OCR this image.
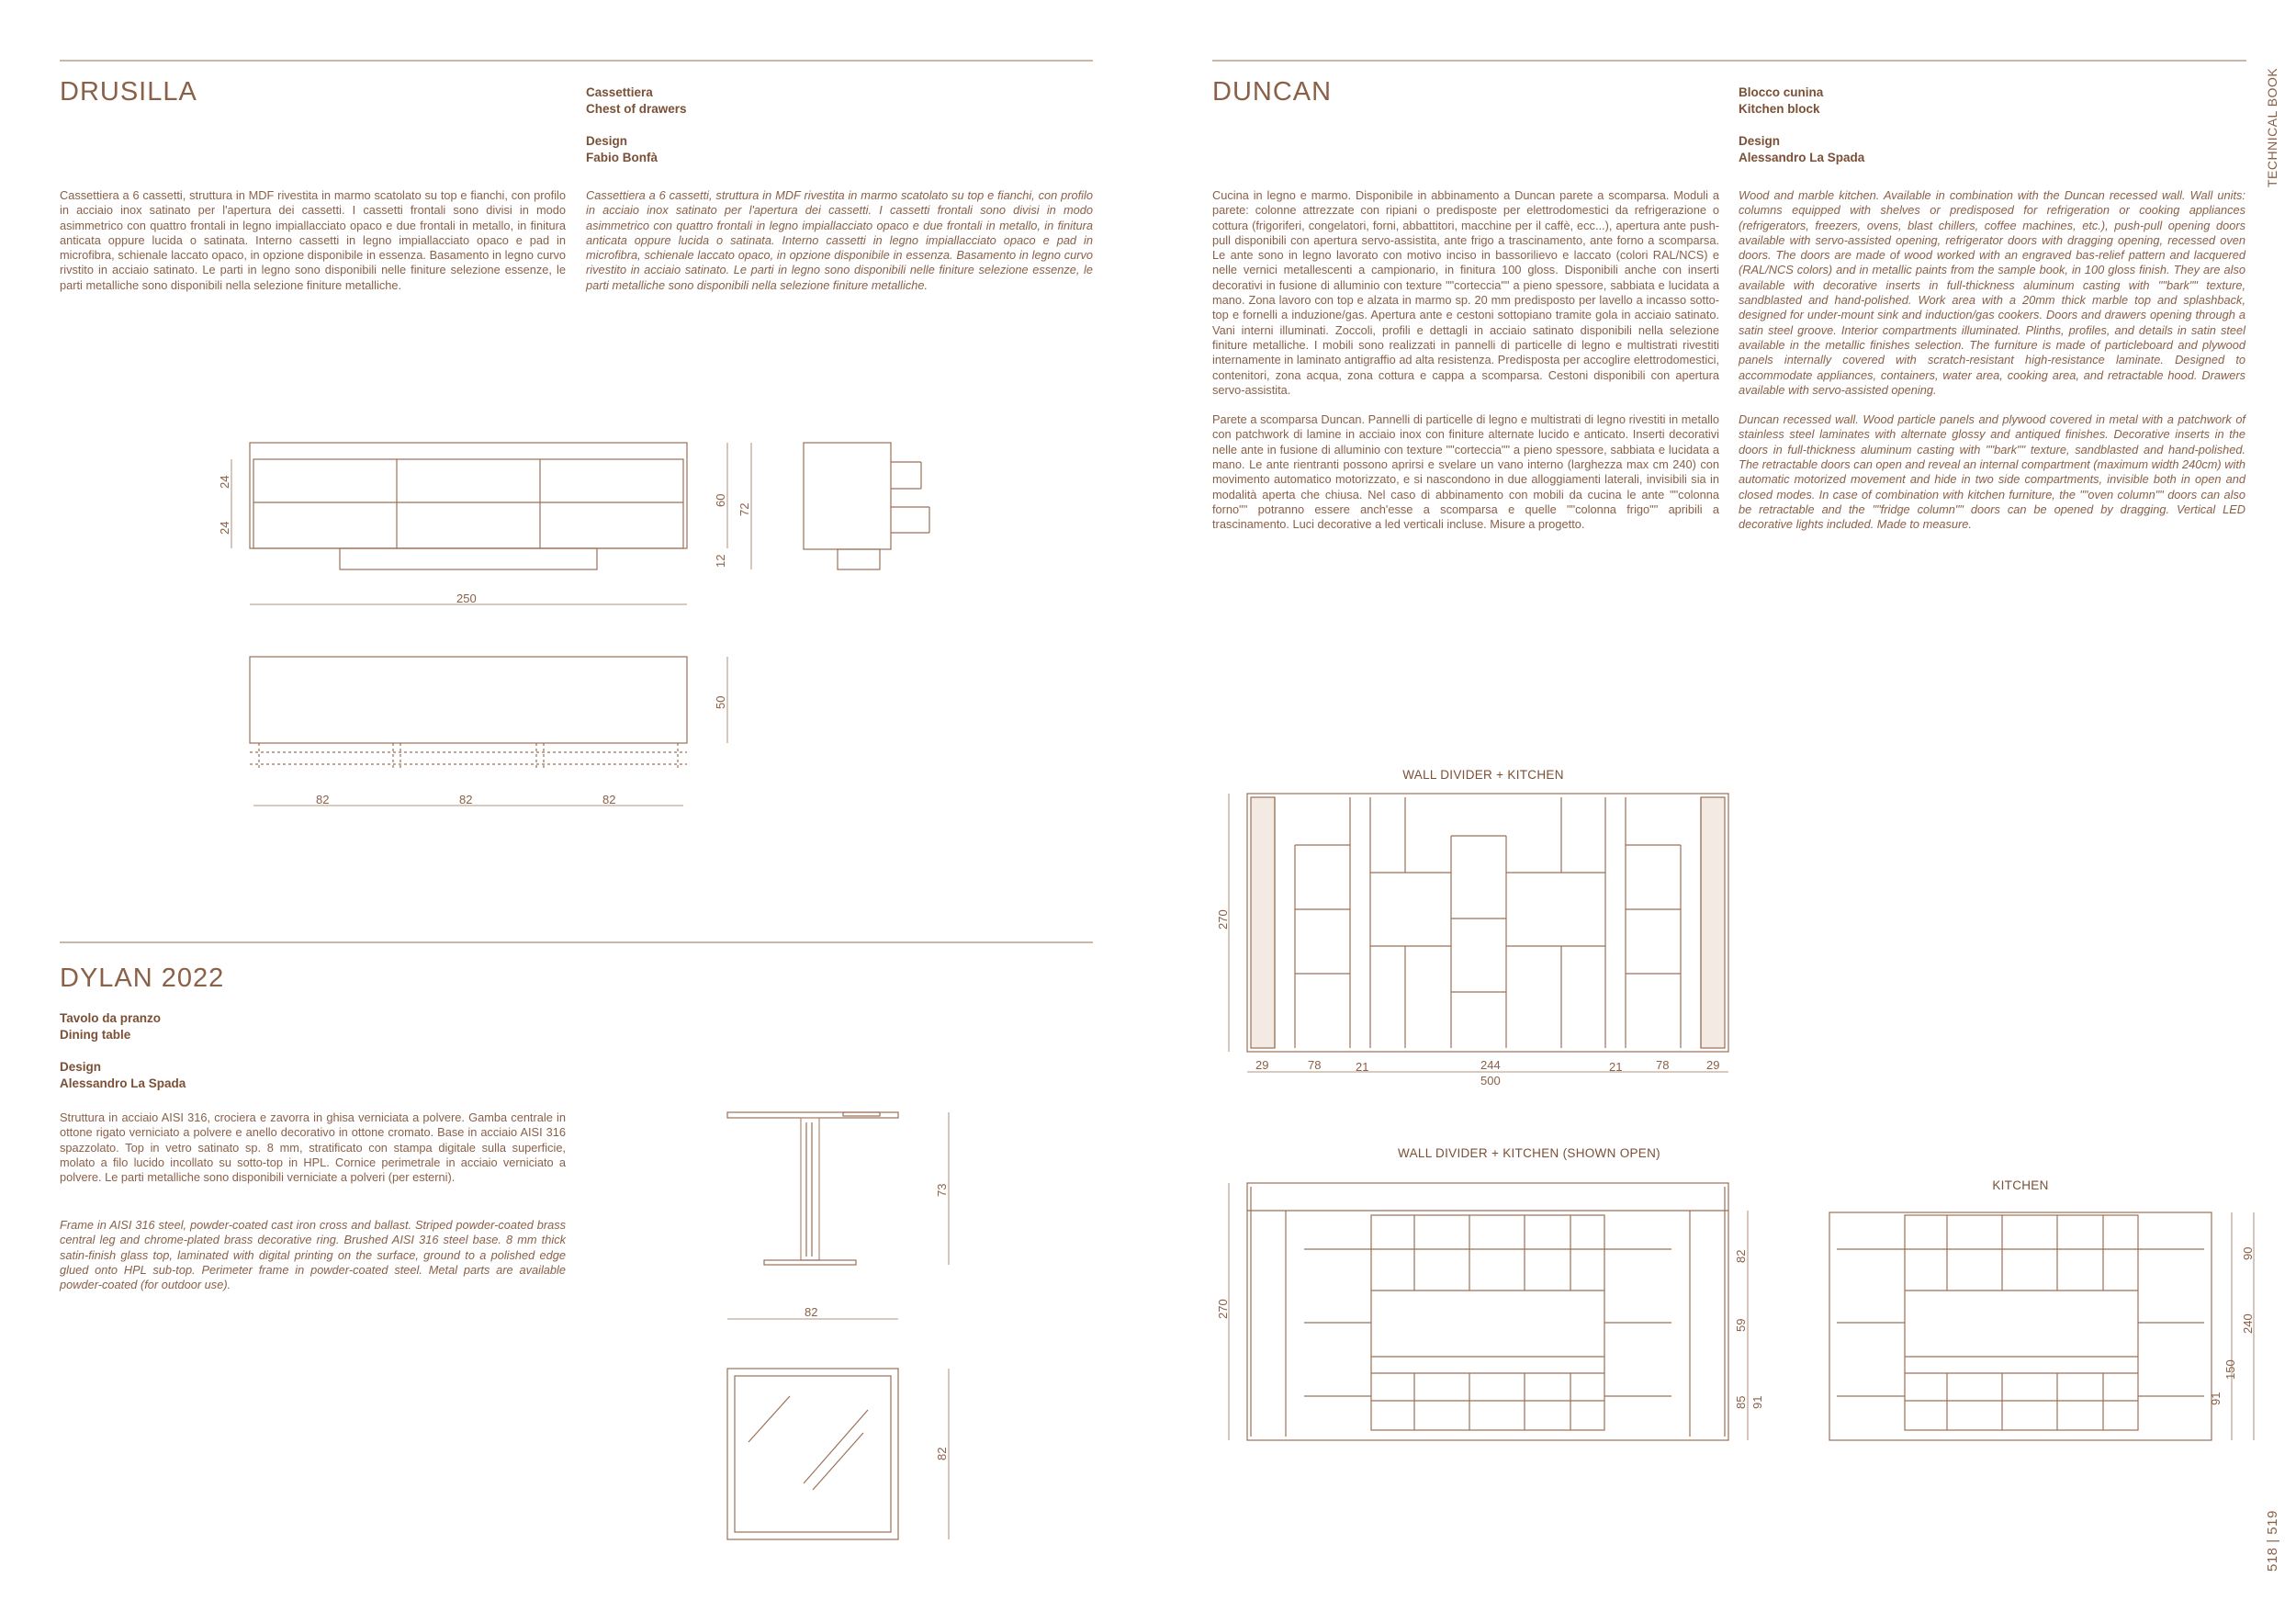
TECHNICAL BOOK
518 | 519
DRUSILLA	Cassettiera
Chest of drawers
Design
Fabio Bonfà
Cassettiera a 6 cassetti, struttura in MDF rivestita in marmo scatolato su top e fianchi, con profilo in acciaio inox satinato per l'apertura dei cassetti. I cassetti frontali sono divisi in modo asimmetrico con quattro frontali in legno impiallacciato opaco e due frontali in metallo, in finitura anticata oppure lucida o satinata. Interno cassetti in legno impiallacciato opaco e pad in microfibra, schienale laccato opaco, in opzione disponibile in essenza. Basamento in legno curvo rivstito in acciaio satinato. Le parti in legno sono disponibili nelle finiture selezione essenze, le parti metalliche sono disponibili nella selezione finiture metalliche.
Cassettiera a 6 cassetti, struttura in MDF rivestita in marmo scatolato su top e fianchi, con profilo in acciaio inox satinato per l'apertura dei cassetti. I cassetti frontali sono divisi in modo asimmetrico con quattro frontali in legno impiallacciato opaco e due frontali in metallo, in finitura anticata oppure lucida o satinata. Interno cassetti in legno impiallacciato opaco e pad in microfibra, schienale laccato opaco, in opzione disponibile in essenza. Basamento in legno curvo rivestito in acciaio satinato. Le parti in legno sono disponibili nelle finiture selezione essenze, le parti metalliche sono disponibili nella selezione finiture metalliche.
DYLAN 2022
Tavolo da pranzo
Dining table
Design
Alessandro La Spada
Struttura in acciaio AISI 316, crociera e zavorra in ghisa verniciata a polvere. Gamba centrale in ottone rigato verniciato a polvere e anello decorativo in ottone cromato. Base in acciaio AISI 316 spazzolato. Top in vetro satinato sp. 8 mm, stratificato con stampa digitale sulla superficie, molato a filo lucido incollato su sotto-top in HPL. Cornice perimetrale in acciaio verniciato a polvere. Le parti metalliche sono disponibili verniciate a polveri (per esterni).
Frame in AISI 316 steel, powder-coated cast iron cross and ballast. Striped powder-coated brass central leg and chrome-plated brass decorative ring. Brushed AISI 316 steel base. 8 mm thick satin-finish glass top, laminated with digital printing on the surface, ground to a polished edge glued onto HPL sub-top. Perimeter frame in powder-coated steel. Metal parts are available powder-coated (for outdoor use).
DUNCAN	Blocco cunina
Kitchen block
Design
Alessandro La Spada

Cucina in legno e marmo. Disponibile in abbinamento a Duncan parete a scomparsa. Moduli a parete: colonne attrezzate con ripiani o predisposte per elettrodomestici da refrigerazione o cottura (frigoriferi, congelatori, forni, abbattitori, macchine per il caffè, ecc...), apertura ante push-pull disponibili con apertura servo-assistita, ante frigo a trascinamento, ante forno a scomparsa. Le ante sono in legno lavorato con motivo inciso in bassorilievo e laccato (colori RAL/NCS) e nelle vernici metallescenti a campionario, in finitura 100 gloss. Disponibili anche con inserti decorativi in fusione di alluminio con texture ""corteccia"" a pieno spessore, sabbiata e lucidata a mano. Zona lavoro con top e alzata in marmo sp. 20 mm predisposto per lavello a incasso sotto-top e fornelli a induzione/gas. Apertura ante e cestoni sottopiano tramite gola in acciaio satinato. Vani interni illuminati. Zoccoli, profili e dettagli in acciaio satinato disponibili nella selezione finiture metalliche. I mobili sono realizzati in pannelli di particelle di legno e multistrati rivestiti internamente in laminato antigraffio ad alta resistenza. Predisposta per accoglire elettrodomestici, contenitori, zona acqua, zona cottura e cappa a scomparsa. Cestoni disponibili con apertura servo-assistita.

Parete a scomparsa Duncan. Pannelli di particelle di legno e multistrati di legno rivestiti in metallo con patchwork di lamine in acciaio inox con finiture alternate lucido e anticato. Inserti decorativi nelle ante in fusione di alluminio con texture ""corteccia"" a pieno spessore, sabbiata e lucidata a mano. Le ante rientranti possono aprirsi e svelare un vano interno (larghezza max cm 240) con movimento automatico motorizzato, e si nascondono in due alloggiamenti laterali, invisibili sia in modalità aperta che chiusa. Nel caso di abbinamento con mobili da cucina le ante ""colonna forno"" potranno essere anch'esse a scomparsa e quelle ""colonna frigo"" apribili a trascinamento. Luci decorative a led verticali incluse. Misure a progetto.

Wood and marble kitchen. Available in combination with the Duncan recessed wall. Wall units: columns equipped with shelves or predisposed for refrigeration or cooking appliances (refrigerators, freezers, ovens, blast chillers, coffee machines, etc.), push-pull opening doors available with servo-assisted opening, refrigerator doors with dragging opening, recessed oven doors. The doors are made of wood worked with an engraved bas-relief pattern and lacquered (RAL/NCS colors) and in metallic paints from the sample book, in 100 gloss finish. They are also available with decorative inserts in full-thickness aluminum casting with ""bark"" texture, sandblasted and hand-polished. Work area with a 20mm thick marble top and splashback, designed for under-mount sink and induction/gas cookers. Doors and drawers opening through a satin steel groove. Interior compartments illuminated. Plinths, profiles, and details in satin steel available in the metallic finishes selection. The furniture is made of particleboard and plywood panels internally covered with scratch-resistant high-resistance laminate. Designed to accommodate appliances, containers, water area, cooking area, and retractable hood. Drawers available with servo-assisted opening.

Duncan recessed wall. Wood particle panels and plywood covered in metal with a patchwork of stainless steel laminates with alternate glossy and antiqued finishes. Decorative inserts in the doors in full-thickness aluminum casting with ""bark"" texture, sandblasted and hand-polished. The retractable doors can open and reveal an internal compartment (maximum width 240cm) with automatic motorized movement and hide in two side compartments, invisible both in open and closed modes. In case of combination with kitchen furniture, the ""oven column"" doors can also be retractable and the ""fridge column"" doors can be opened by dragging. Vertical LED decorative lights included. Made to measure.

WALL DIVIDER + KITCHEN
WALL DIVIDER + KITCHEN (SHOWN OPEN)
KITCHEN
24
24
60
72
12
250
50
82	82	82
73
82
82
270
29	78	21	244	21	78	29
500
270
82
59
85 91
90
240
150
91
